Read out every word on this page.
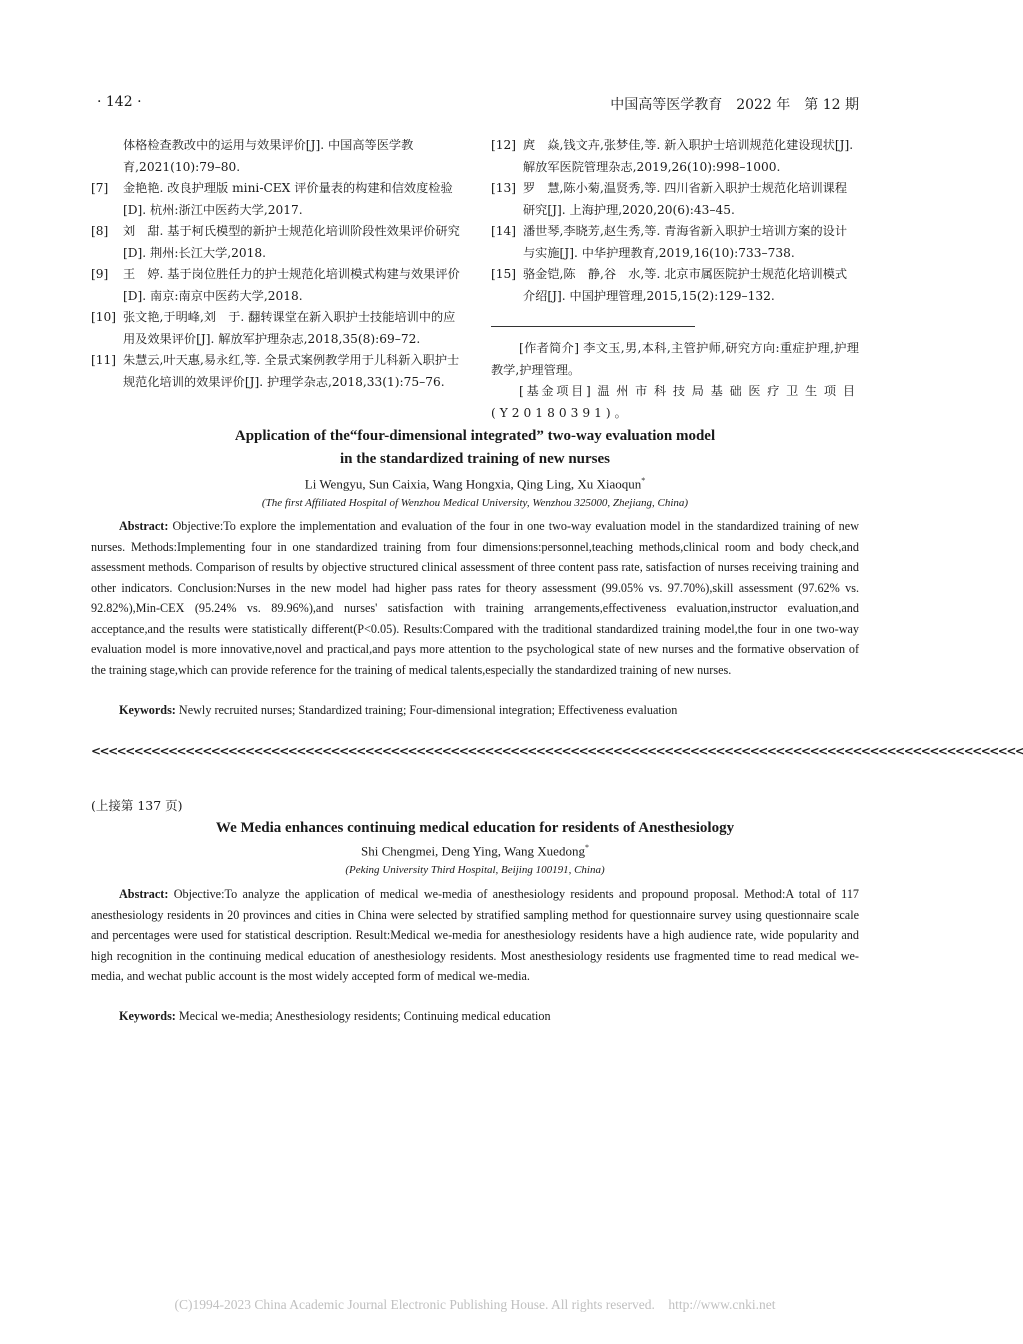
· 142 ·	中国高等医学教育　2022 年　第 12 期
体格检查教改中的运用与效果评价[J]. 中国高等医学教育,2021(10):79–80.
[7] 金艳艳. 改良护理版 mini-CEX 评价量表的构建和信效度检验[D]. 杭州:浙江中医药大学,2017.
[8] 刘　甜. 基于柯氏模型的新护士规范化培训阶段性效果评价研究[D]. 荆州:长江大学,2018.
[9] 王　婷. 基于岗位胜任力的护士规范化培训模式构建与效果评价[D]. 南京:南京中医药大学,2018.
[10] 张文艳,于明峰,刘　于. 翻转课堂在新入职护士技能培训中的应用及效果评价[J]. 解放军护理杂志,2018,35(8):69–72.
[11] 朱慧云,叶天惠,易永红,等. 全景式案例教学用于儿科新入职护士规范化培训的效果评价[J]. 护理学杂志,2018,33(1):75–76.
[12] 庹　焱,钱文卉,张梦佳,等. 新入职护士培训规范化建设现状[J]. 解放军医院管理杂志,2019,26(10):998–1000.
[13] 罗　慧,陈小菊,温贤秀,等. 四川省新入职护士规范化培训课程研究[J]. 上海护理,2020,20(6):43–45.
[14] 潘世琴,李晓芳,赵生秀,等. 青海省新入职护士培训方案的设计与实施[J]. 中华护理教育,2019,16(10):733–738.
[15] 骆金铠,陈　静,谷　水,等. 北京市属医院护士规范化培训模式介绍[J]. 中国护理管理,2015,15(2):129–132.
[作者简介] 李文玉,男,本科,主管护师,研究方向:重症护理,护理教学,护理管理。
[基金项目] 温州市科技局基础医疗卫生项目(Y20180391)。
Application of the“four-dimensional integrated” two-way evaluation model
in the standardized training of new nurses
Li Wengyu, Sun Caixia, Wang Hongxia, Qing Ling, Xu Xiaoqun*
(The first Affiliated Hospital of Wenzhou Medical University, Wenzhou 325000, Zhejiang, China)
Abstract: Objective:To explore the implementation and evaluation of the four in one two-way evaluation model in the standardized training of new nurses. Methods:Implementing four in one standardized training from four dimensions:personnel,teaching methods,clinical room and body check,and assessment methods. Comparison of results by objective structured clinical assessment of three content pass rate, satisfaction of nurses receiving training and other indicators. Conclusion:Nurses in the new model had higher pass rates for theory assessment (99.05% vs. 97.70%),skill assessment (97.62% vs. 92.82%),Min-CEX (95.24% vs. 89.96%),and nurses' satisfaction with training arrangements,effectiveness evaluation,instructor evaluation,and acceptance,and the results were statistically different(P<0.05). Results:Compared with the traditional standardized training model,the four in one two-way evaluation model is more innovative,novel and practical,and pays more attention to the psychological state of new nurses and the formative observation of the training stage,which can provide reference for the training of medical talents,especially the standardized training of new nurses.
Keywords: Newly recruited nurses; Standardized training; Four-dimensional integration; Effectiveness evaluation
<<<<<<<<<<<<<<<<<<<<<<<<<<<<<<<<<<<<<<<<<<<<<<<<<<<<<<<<<<<<<<<<<<<<<<<<<<<<<<<<<<<<<<<<<<<<<<<<<<<<<<<<<<<<<
(上接第 137 页)
We Media enhances continuing medical education for residents of Anesthesiology
Shi Chengmei, Deng Ying, Wang Xuedong*
(Peking University Third Hospital, Beijing 100191, China)
Abstract: Objective:To analyze the application of medical we-media of anesthesiology residents and propound proposal. Method:A total of 117 anesthesiology residents in 20 provinces and cities in China were selected by stratified sampling method for questionnaire survey using questionnaire scale and percentages were used for statistical description. Result:Medical we-media for anesthesiology residents have a high audience rate, wide popularity and high recognition in the continuing medical education of anesthesiology residents. Most anesthesiology residents use fragmented time to read medical we-media, and wechat public account is the most widely accepted form of medical we-media.
Keywords: Mecical we-media; Anesthesiology residents; Continuing medical education
(C)1994-2023 China Academic Journal Electronic Publishing House. All rights reserved.    http://www.cnki.net
